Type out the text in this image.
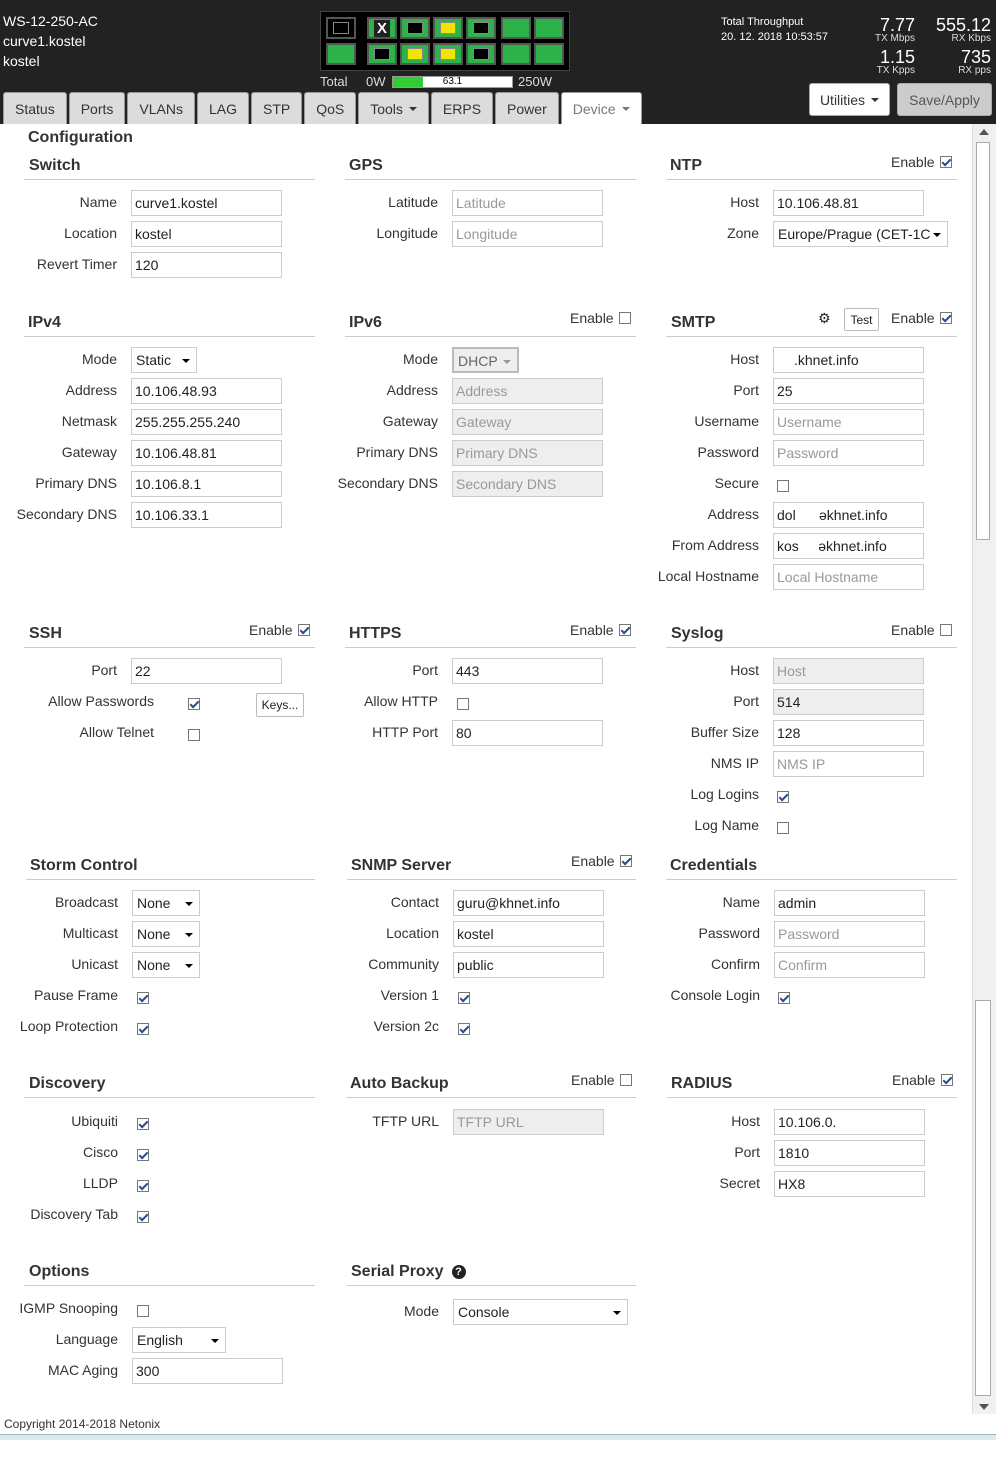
WS-12-250-AC
curve1.kostel
kostel
X
Total 0W	63.1	250W
Total Throughput
20. 12. 2018 10:53:57
7.77
TX Mbps
555.12
RX Kbps
1.15
TX Kpps
735
RX pps
Status	Ports	VLANs	LAG	STP	QoS	Tools	ERPS	Power	Device
Utilities	Save/Apply
Configuration
Switch
Name curve1.kostel
Location kostel
Revert Timer 120
GPS
Latitude Latitude
Longitude Longitude
NTP	Enable
Host 10.106.48.81
Zone	Europe/Prague (CET-1C
IPv4
Mode	Static
Address 10.106.48.93
Netmask 255.255.255.240
Gateway 10.106.48.81
Primary DNS 10.106.8.1
Secondary DNS 10.106.33.1
IPv6	Enable
Mode	DHCP
Address Address
Gateway Gateway
Primary DNS Primary DNS
Secondary DNS Secondary DNS
SMTP	⚙	Test	Enable
Host	.khnet.info
Port 25
Username Username
Password Password
Secure
Address dol      əkhnet.info
From Address kos     əkhnet.info
Local Hostname Local Hostname
SSH	Enable
Port 22
Allow Passwords	Keys...
Allow Telnet
HTTPS	Enable
Port 443
Allow HTTP
HTTP Port 80
Syslog	Enable
Host Host
Port 514
Buffer Size 128
NMS IP NMS IP
Log Logins
Log Name
Storm Control
Broadcast	None
Multicast	None
Unicast	None
Pause Frame
Loop Protection
SNMP Server	Enable
Contact guru@khnet.info
Location kostel
Community public
Version 1
Version 2c
Credentials
Name admin
Password Password
Confirm Confirm
Console Login
Discovery
Ubiquiti
Cisco
LLDP
Discovery Tab
Auto Backup	Enable
TFTP URL TFTP URL
RADIUS	Enable
Host 10.106.0.
Port 1810
Secret HX8
Options
IGMP Snooping
Language	English
MAC Aging 300
Serial Proxy ?
Mode	Console
Copyright 2014-2018 Netonix
